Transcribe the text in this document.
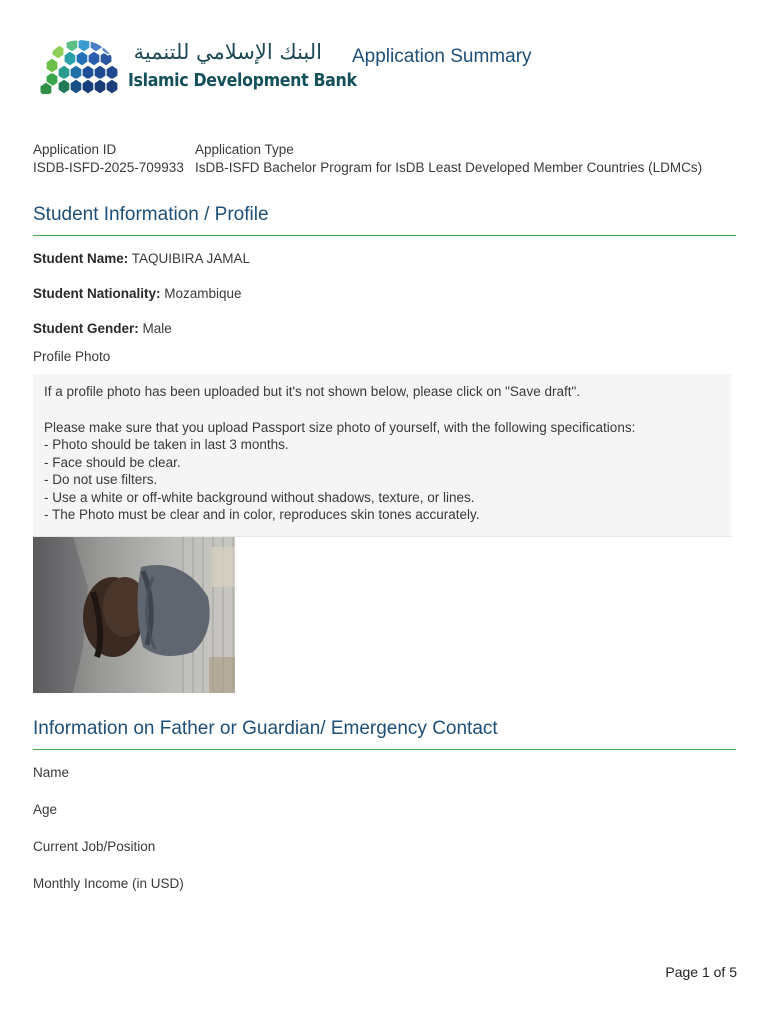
البنك الإسلامي للتنمية
Islamic Development Bank
Application Summary
Application ID
ISDB-ISFD-2025-709933
Application Type
IsDB-ISFD Bachelor Program for IsDB Least Developed Member Countries (LDMCs)
Student Information / Profile
Student Name: TAQUIBIRA JAMAL
Student Nationality: Mozambique
Student Gender: Male
Profile Photo
If a profile photo has been uploaded but it's not shown below, please click on "Save draft".
Please make sure that you upload Passport size photo of yourself, with the following specifications:
- Photo should be taken in last 3 months.
- Face should be clear.
- Do not use filters.
- Use a white or off-white background without shadows, texture, or lines.
- The Photo must be clear and in color, reproduces skin tones accurately.
Information on Father or Guardian/ Emergency Contact
Name
Age
Current Job/Position
Monthly Income (in USD)
Page 1 of 5
